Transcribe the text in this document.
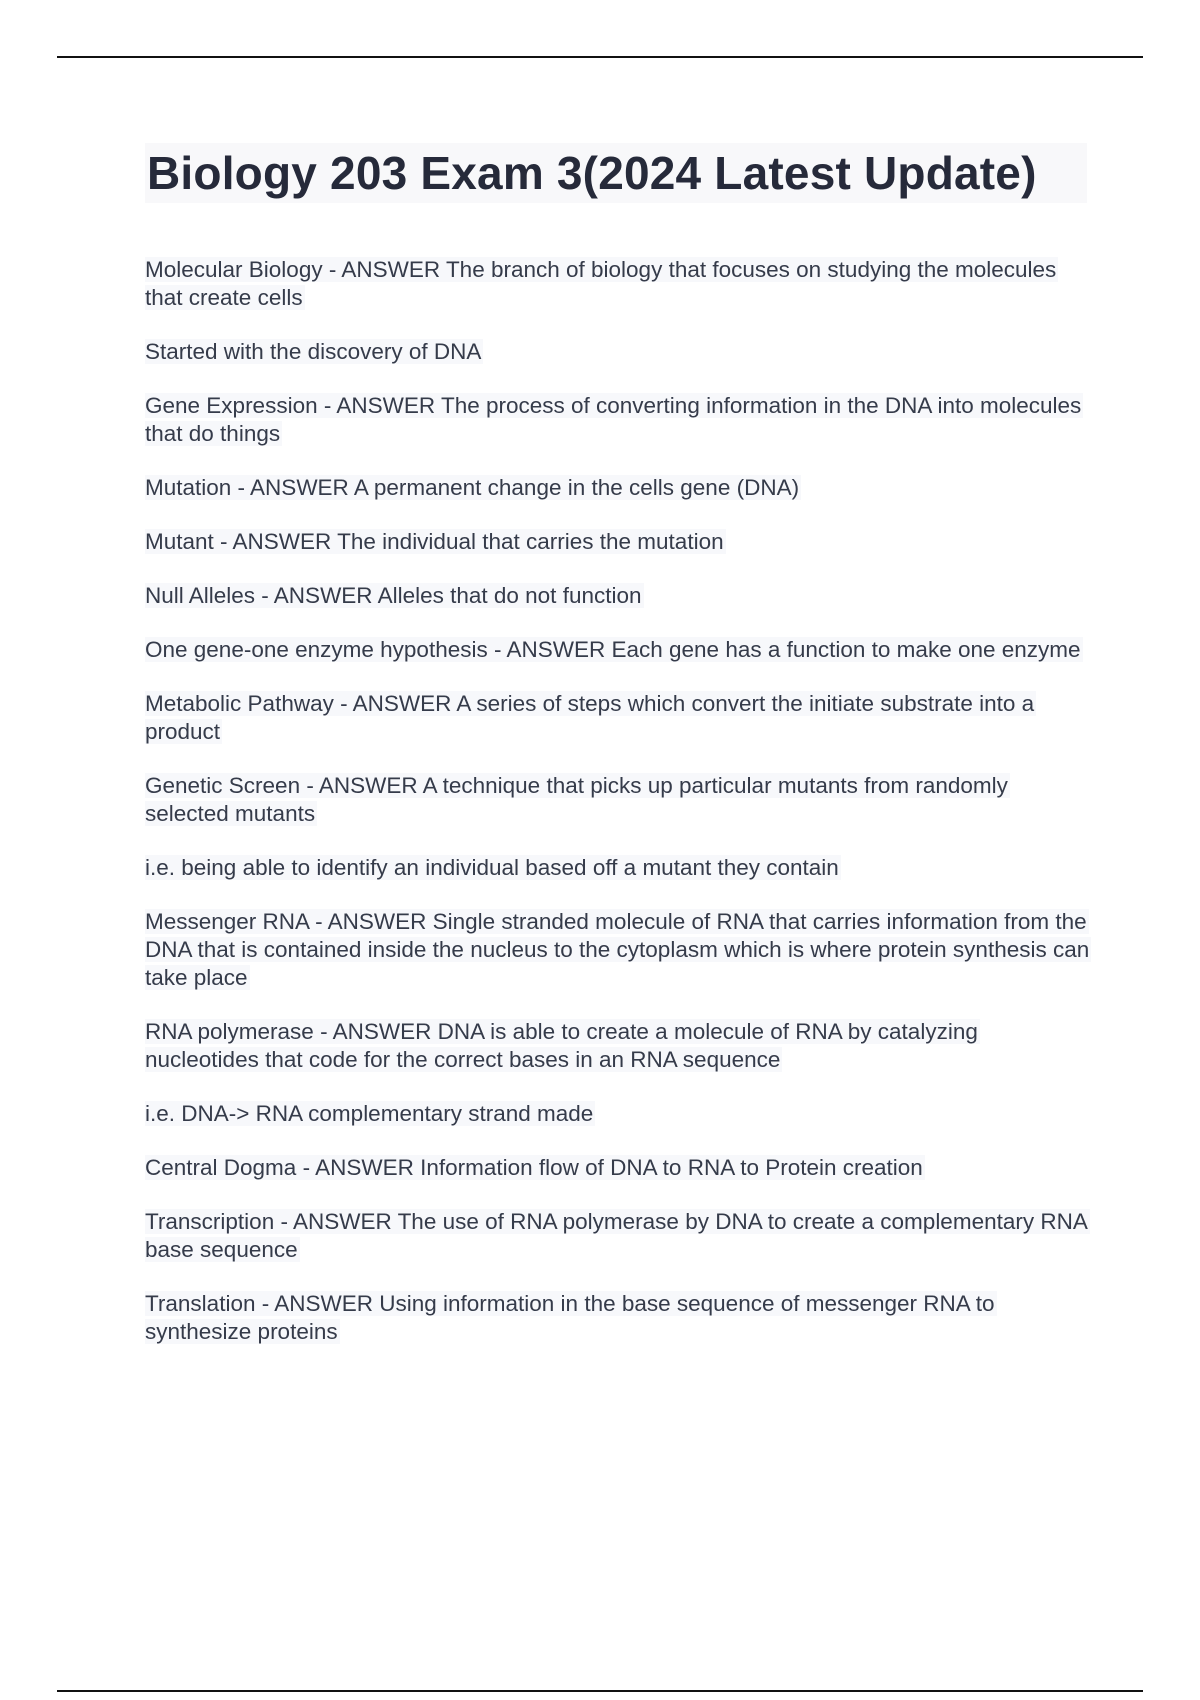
Biology 203 Exam 3(2024 Latest Update)

Molecular Biology - ANSWER The branch of biology that focuses on studying the molecules that create cells

Started with the discovery of DNA

Gene Expression - ANSWER The process of converting information in the DNA into molecules that do things

Mutation - ANSWER A permanent change in the cells gene (DNA)

Mutant - ANSWER The individual that carries the mutation

Null Alleles - ANSWER Alleles that do not function

One gene-one enzyme hypothesis - ANSWER Each gene has a function to make one enzyme

Metabolic Pathway - ANSWER A series of steps which convert the initiate substrate into a product

Genetic Screen - ANSWER A technique that picks up particular mutants from randomly selected mutants

i.e. being able to identify an individual based off a mutant they contain

Messenger RNA - ANSWER Single stranded molecule of RNA that carries information from the DNA that is contained inside the nucleus to the cytoplasm which is where protein synthesis can take place

RNA polymerase - ANSWER DNA is able to create a molecule of RNA by catalyzing nucleotides that code for the correct bases in an RNA sequence

i.e. DNA-> RNA complementary strand made

Central Dogma - ANSWER Information flow of DNA to RNA to Protein creation

Transcription - ANSWER The use of RNA polymerase by DNA to create a complementary RNA base sequence

Translation - ANSWER Using information in the base sequence of messenger RNA to synthesize proteins
